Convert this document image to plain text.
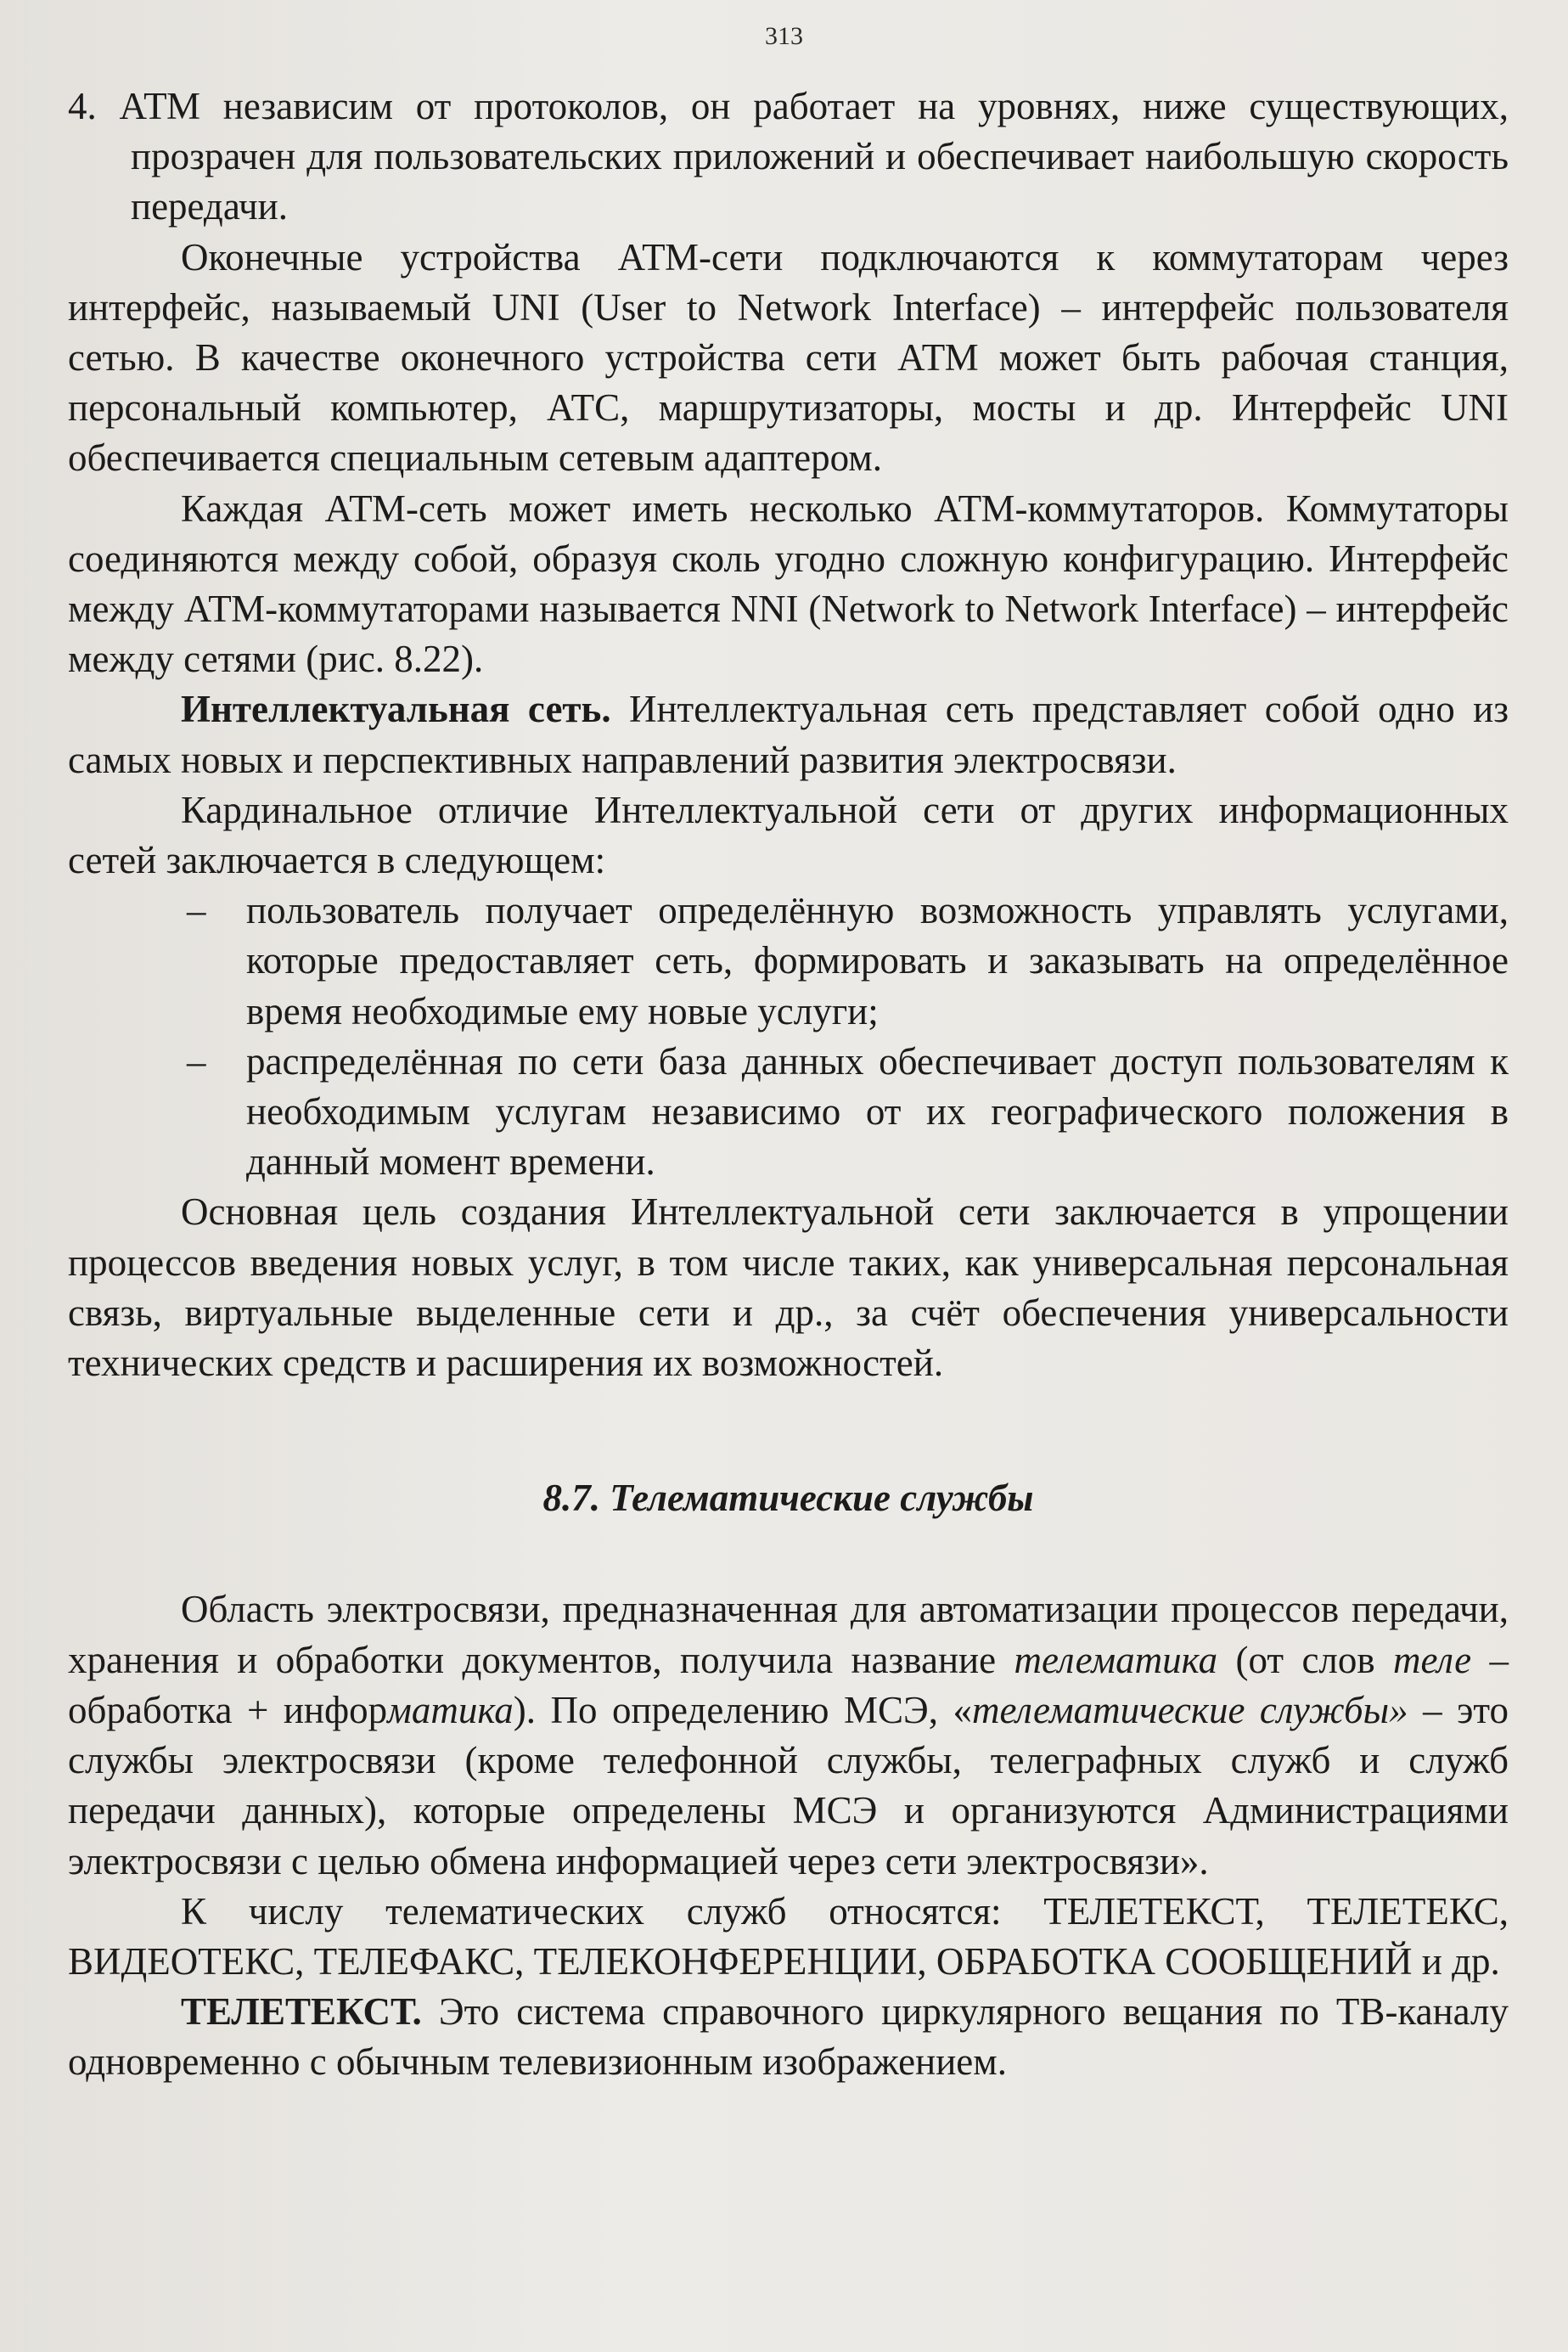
313

4. АТМ независим от протоколов, он работает на уровнях, ниже существующих, прозрачен для пользовательских приложений и обеспечивает наибольшую скорость передачи.

Оконечные устройства АТМ-сети подключаются к коммутаторам через интерфейс, называемый UNI (User to Network Interface) – интерфейс пользователя сетью. В качестве оконечного устройства сети АТМ может быть рабочая станция, персональный компьютер, АТС, маршрутизаторы, мосты и др. Интерфейс UNI обеспечивается специальным сетевым адаптером.

Каждая АТМ-сеть может иметь несколько АТМ-коммутаторов. Коммутаторы соединяются между собой, образуя сколь угодно сложную конфигурацию. Интерфейс между АТМ-коммутаторами называется NNI (Network to Network Interface) – интерфейс между сетями (рис. 8.22).

Интеллектуальная сеть. Интеллектуальная сеть представляет собой одно из самых новых и перспективных направлений развития электросвязи.

Кардинальное отличие Интеллектуальной сети от других информационных сетей заключается в следующем:

– пользователь получает определённую возможность управлять услугами, которые предоставляет сеть, формировать и заказывать на определённое время необходимые ему новые услуги;
– распределённая по сети база данных обеспечивает доступ пользователям к необходимым услугам независимо от их географического положения в данный момент времени.

Основная цель создания Интеллектуальной сети заключается в упрощении процессов введения новых услуг, в том числе таких, как универсальная персональная связь, виртуальные выделенные сети и др., за счёт обеспечения универсальности технических средств и расширения их возможностей.

8.7. Телематические службы

Область электросвязи, предназначенная для автоматизации процессов передачи, хранения и обработки документов, получила название телематика (от слов теле – обработка + информатика). По определению МСЭ, «телематические службы» – это службы электросвязи (кроме телефонной службы, телеграфных служб и служб передачи данных), которые определены МСЭ и организуются Администрациями электросвязи с целью обмена информацией через сети электросвязи».

К числу телематических служб относятся: ТЕЛЕТЕКСТ, ТЕЛЕТЕКС, ВИДЕОТЕКС, ТЕЛЕФАКС, ТЕЛЕКОНФЕРЕНЦИИ, ОБРАБОТКА СООБЩЕНИЙ и др.

ТЕЛЕТЕКСТ. Это система справочного циркулярного вещания по ТВ-каналу одновременно с обычным телевизионным изображением.
